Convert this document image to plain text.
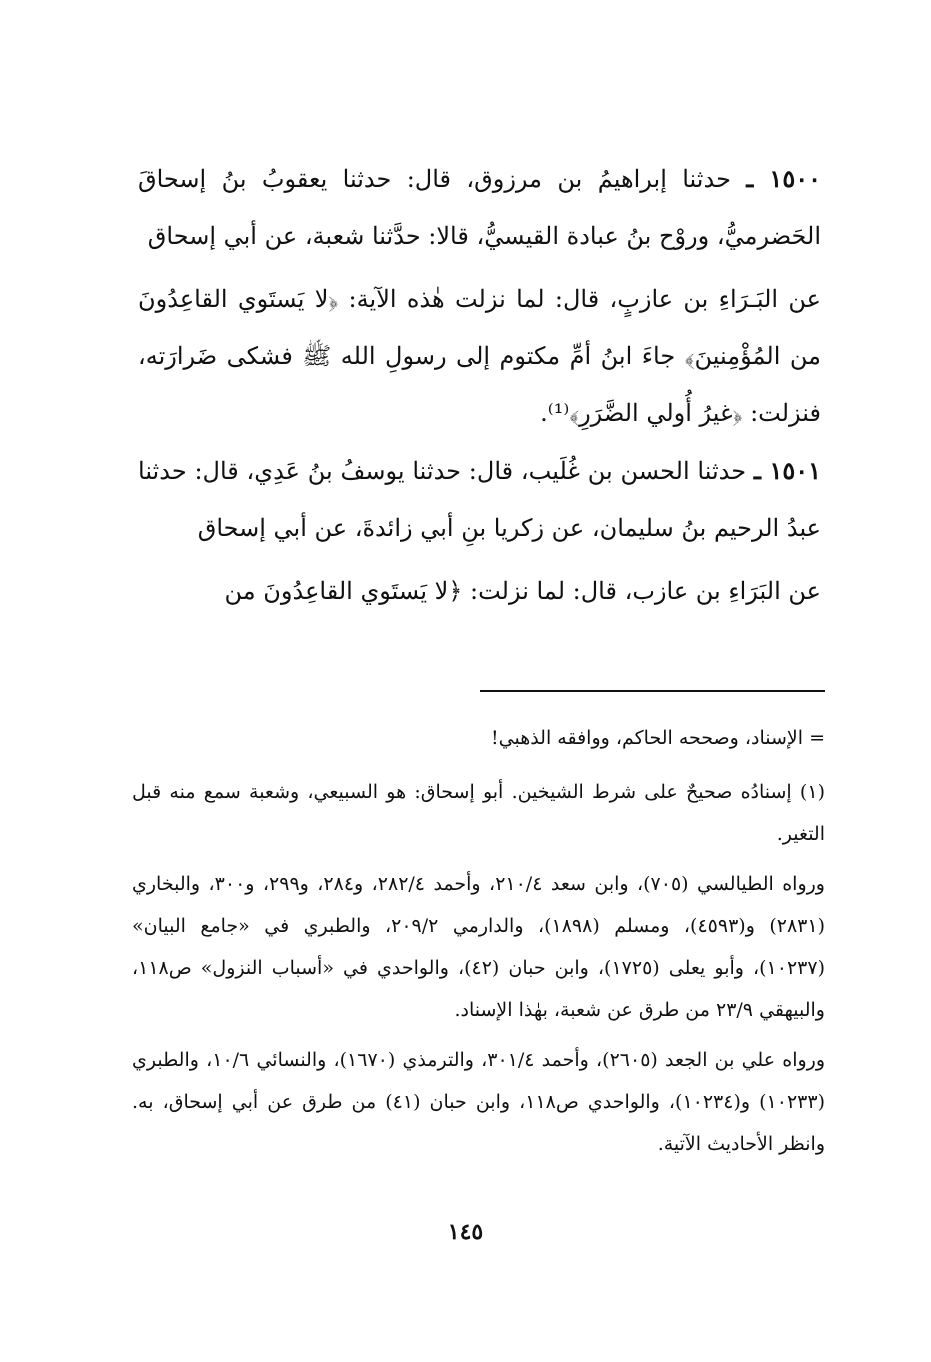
١٥٠٠ ـ حدثنا إبراهيمُ بن مرزوق، قال: حدثنا يعقوبُ بنُ إسحاقَ الحَضرميُّ، وروْح بنُ عبادة القيسيُّ، قالا: حدَّثنا شعبة، عن أبي إسحاق

عن البَـرَاءِ بن عازبٍ، قال: لما نزلت هٰذه الآية: ﴿لا يَستَوي القاعِدُونَ من المُؤْمِنينَ﴾ جاءَ ابنُ أمِّ مكتوم إلى رسولِ الله ﷺ فشكى ضَرارَته، فنزلت: ﴿غيرُ أُولي الضَّرَرِ﴾⁽¹⁾.

١٥٠١ ـ حدثنا الحسن بن غُلَيب، قال: حدثنا يوسفُ بنُ عَدِي، قال: حدثنا عبدُ الرحيم بنُ سليمان، عن زكريا بنِ أبي زائدةَ، عن أبي إسحاق

عن البَرَاءِ بن عازب، قال: لما نزلت: ﴿لا يَستَوي القاعِدُونَ من

= الإسناد، وصححه الحاكم، ووافقه الذهبي!

(١) إسنادُه صحيحٌ على شرط الشيخين. أبو إسحاق: هو السبيعي، وشعبة سمع منه قبل التغير.

ورواه الطيالسي (٧٠٥)، وابن سعد ٢١٠/٤، وأحمد ٢٨٢/٤، و٢٨٤، و٢٩٩، و٣٠٠، والبخاري (٢٨٣١) و(٤٥٩٣)، ومسلم (١٨٩٨)، والدارمي ٢٠٩/٢، والطبري في «جامع البيان» (١٠٢٣٧)، وأبو يعلى (١٧٢٥)، وابن حبان (٤٢)، والواحدي في «أسباب النزول» ص١١٨، والبيهقي ٢٣/٩ من طرق عن شعبة، بهٰذا الإسناد.

ورواه علي بن الجعد (٢٦٠٥)، وأحمد ٣٠١/٤، والترمذي (١٦٧٠)، والنسائي ١٠/٦، والطبري (١٠٢٣٣) و(١٠٢٣٤)، والواحدي ص١١٨، وابن حبان (٤١) من طرق عن أبي إسحاق، به. وانظر الأحاديث الآتية.

١٤٥
